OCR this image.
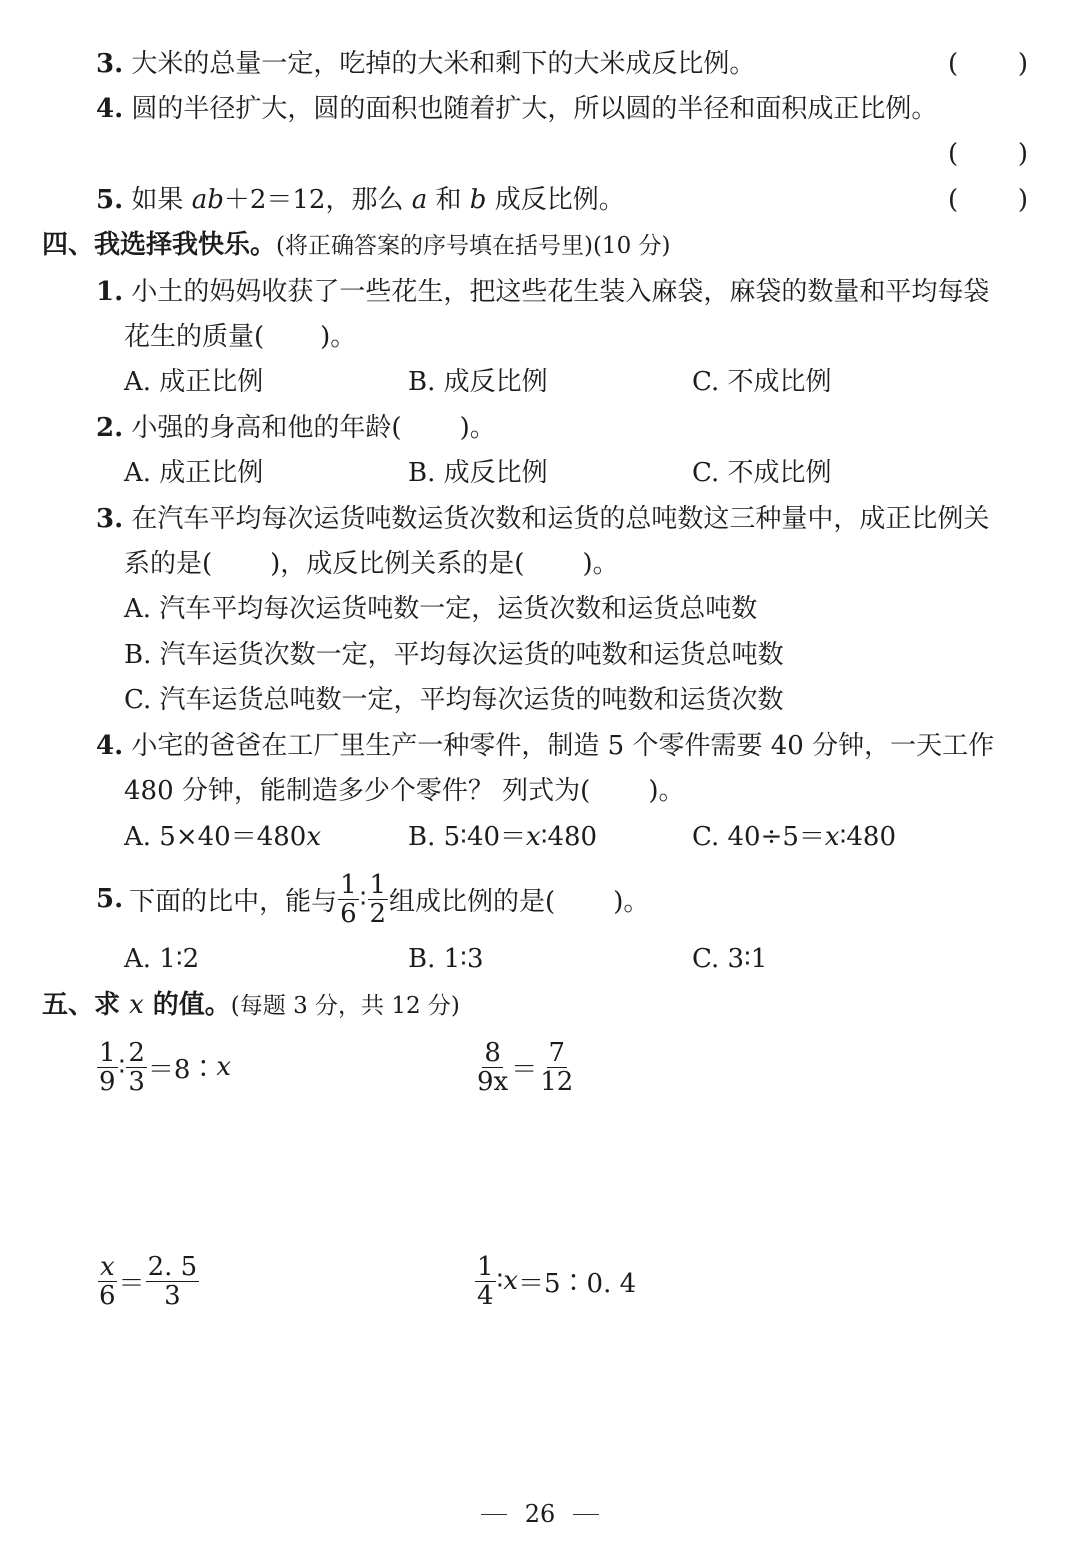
3. 大米的总量一定，吃掉的大米和剩下的大米成反比例。	( )
4. 圆的半径扩大，圆的面积也随着扩大，所以圆的半径和面积成正比例。
( )
5. 如果 ab＋2＝12，那么 a 和 b 成反比例。	( )
四、我选择我快乐。(将正确答案的序号填在括号里)(10 分)
1. 小土的妈妈收获了一些花生，把这些花生装入麻袋，麻袋的数量和平均每袋
花生的质量( )。
A. 成正比例	B. 成反比例	C. 不成比例
2. 小强的身高和他的年龄( )。
A. 成正比例	B. 成反比例	C. 不成比例
3. 在汽车平均每次运货吨数运货次数和运货的总吨数这三种量中，成正比例关
系的是( )，成反比例关系的是( )。
A. 汽车平均每次运货吨数一定，运货次数和运货总吨数
B. 汽车运货次数一定，平均每次运货的吨数和运货总吨数
C. 汽车运货总吨数一定，平均每次运货的吨数和运货次数
4. 小宅的爸爸在工厂里生产一种零件，制造 5 个零件需要 40 分钟，一天工作
480 分钟，能制造多少个零件？ 列式为( )。
A. 5×40＝480x	B. 5∶40＝x∶480	C. 40÷5＝x∶480
5. 下面的比中，能与 $\frac{1}{6}$ ∶ $\frac{1}{2}$ 组成比例的是( )。
A. 1∶2	B. 1∶3	C. 3∶1
五、求 x 的值。(每题 3 分，共 12 分)
$\frac{1}{9}$ ∶ $\frac{2}{3}$ ＝8∶ x	$\frac{8}{9x} = \frac{7}{12}$
$\frac{x}{6} = \frac{2. 5}{3}$	$\frac{1}{4}$ ∶ x ＝5∶0. 4
26
